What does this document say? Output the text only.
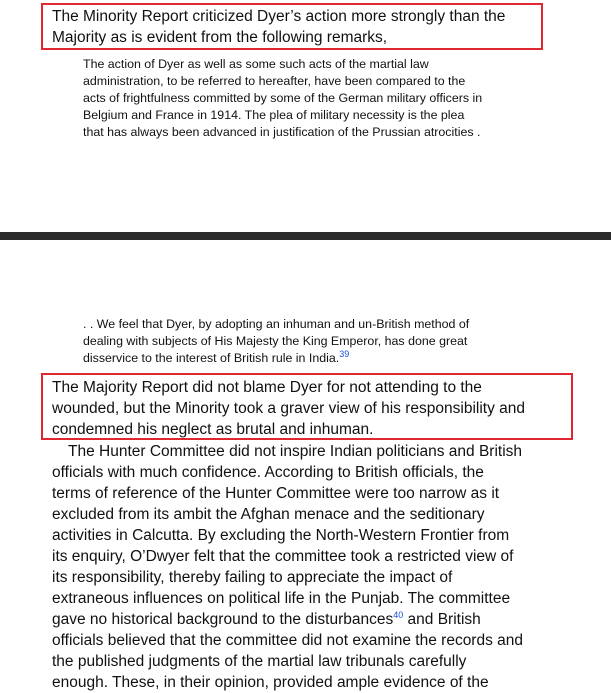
The Minority Report criticized Dyer’s action more strongly than the
Majority as is evident from the following remarks,
The action of Dyer as well as some such acts of the martial law
administration, to be referred to hereafter, have been compared to the
acts of frightfulness committed by some of the German military officers in
Belgium and France in 1914. The plea of military necessity is the plea
that has always been advanced in justification of the Prussian atrocities .
. . We feel that Dyer, by adopting an inhuman and un-British method of
dealing with subjects of His Majesty the King Emperor, has done great
disservice to the interest of British rule in India.$^{39}$
The Majority Report did not blame Dyer for not attending to the
wounded, but the Minority took a graver view of his responsibility and
condemned his neglect as brutal and inhuman.
The Hunter Committee did not inspire Indian politicians and British
officials with much confidence. According to British officials, the
terms of reference of the Hunter Committee were too narrow as it
excluded from its ambit the Afghan menace and the seditionary
activities in Calcutta. By excluding the North-Western Frontier from
its enquiry, O’Dwyer felt that the committee took a restricted view of
its responsibility, thereby failing to appreciate the impact of
extraneous influences on political life in the Punjab. The committee
gave no historical background to the disturbances$^{40}$ and British
officials believed that the committee did not examine the records and
the published judgments of the martial law tribunals carefully
enough. These, in their opinion, provided ample evidence of the
